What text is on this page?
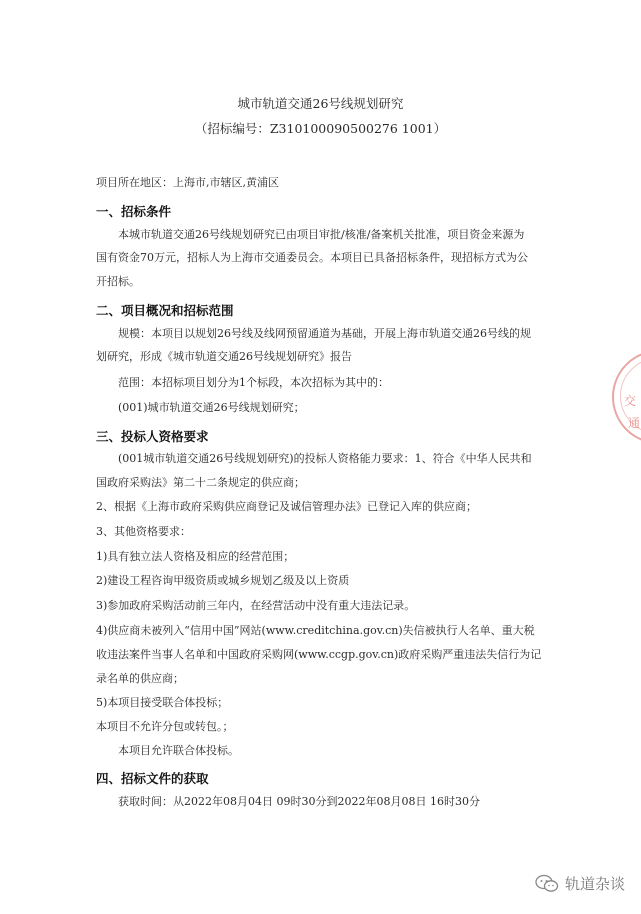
城市轨道交通26号线规划研究
（招标编号：Z310100090500276 1001）
项目所在地区：上海市,市辖区,黄浦区
一、招标条件
本城市轨道交通26号线规划研究已由项目审批/核准/备案机关批准，项目资金来源为
国有资金70万元，招标人为上海市交通委员会。本项目已具备招标条件，现招标方式为公
开招标。
二、项目概况和招标范围
规模：本项目以规划26号线及线网预留通道为基础，开展上海市轨道交通26号线的规
划研究，形成《城市轨道交通26号线规划研究》报告
范围：本招标项目划分为1个标段，本次招标为其中的：
(001)城市轨道交通26号线规划研究；
三、投标人资格要求
(001城市轨道交通26号线规划研究)的投标人资格能力要求：1、符合《中华人民共和
国政府采购法》第二十二条规定的供应商；
2、根据《上海市政府采购供应商登记及诚信管理办法》已登记入库的供应商；
3、其他资格要求：
1)具有独立法人资格及相应的经营范围；
2)建设工程咨询甲级资质或城乡规划乙级及以上资质
3)参加政府采购活动前三年内，在经营活动中没有重大违法记录。
4)供应商未被列入“信用中国”网站(www.creditchina.gov.cn)失信被执行人名单、重大税
收违法案件当事人名单和中国政府采购网(www.ccgp.gov.cn)政府采购严重违法失信行为记
录名单的供应商；
5)本项目接受联合体投标；
本项目不允许分包或转包。；
本项目允许联合体投标。
四、招标文件的获取
获取时间：从2022年08月04日 09时30分到2022年08月08日 16时30分
交
通
轨道杂谈
